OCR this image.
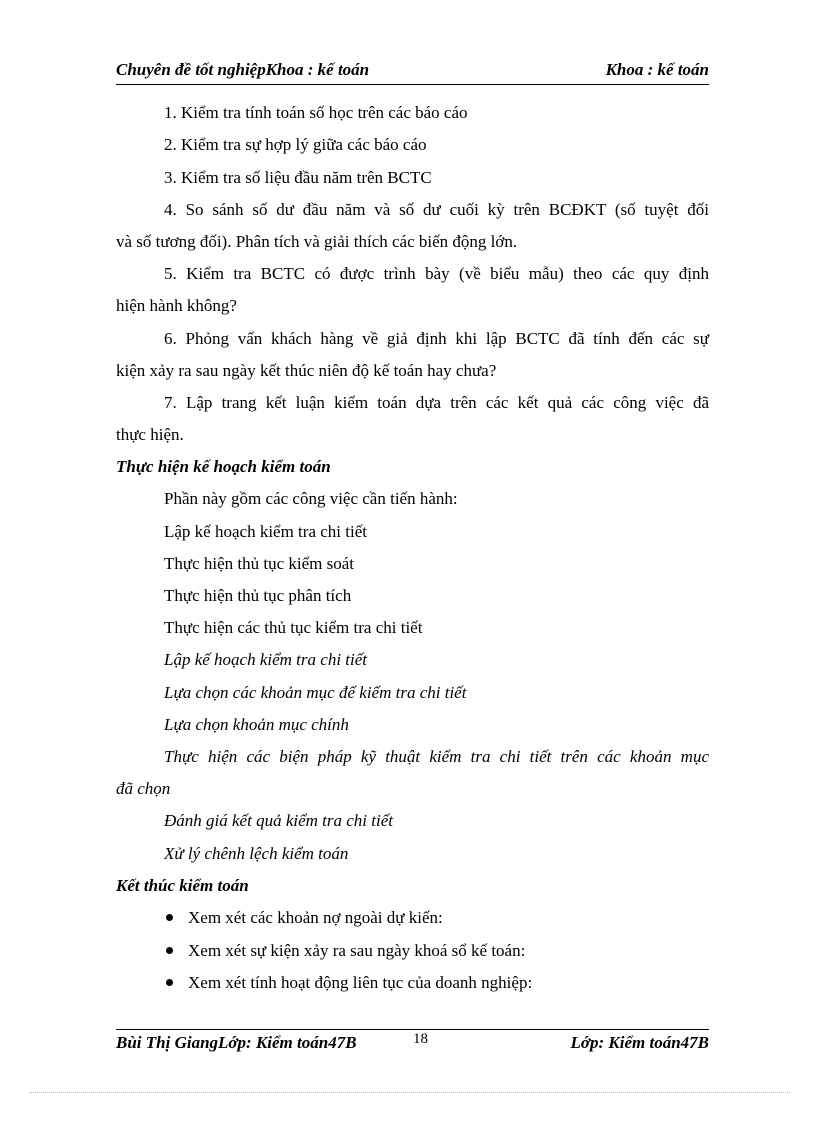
Chuyên đề tốt nghiệpKhoa : kế toán	Khoa : kế toán
1. Kiểm tra tính toán số học trên các báo cáo
2. Kiểm tra sự hợp lý giữa các báo cáo
3. Kiểm tra số liệu đầu năm trên BCTC
4. So sánh số dư đầu năm và số dư cuối kỳ trên BCĐKT (số tuyệt đối
và số tương đối). Phân tích và giải thích các biến động lớn.
5. Kiểm tra BCTC có được trình bày (về biểu mẫu) theo các quy định
hiện hành không?
6. Phỏng vấn khách hàng về giả định khi lập BCTC đã tính đến các sự
kiện xảy ra sau ngày kết thúc niên độ kế toán hay chưa?
7. Lập trang kết luận kiểm toán dựa trên các kết quả các công việc đã
thực hiện.
Thực hiện kế hoạch kiểm toán
Phần này gồm các công việc cần tiến hành:
Lập kế hoạch kiểm tra chi tiết
Thực hiện thủ tục kiểm soát
Thực hiện thủ tục phân tích
Thực hiện các thủ tục kiểm tra chi tiết
Lập kế hoạch kiểm tra chi tiết
Lựa chọn các khoản mục để kiểm tra chi tiết
Lựa chọn khoản mục chính
Thực hiện các biện pháp kỹ thuật kiểm tra chi tiết trên các khoản mục
đã chọn
Đánh giá kết quả kiểm tra chi tiết
Xử lý chênh lệch kiểm toán
Kết thúc kiểm toán
Xem xét các khoản nợ ngoài dự kiến:
Xem xét sự kiện xảy ra sau ngày khoá sổ kế toán:
Xem xét tính hoạt động liên tục của doanh nghiệp:
Bùi Thị GiangLớp: Kiểm toán47B	18	Lớp: Kiểm toán47B
